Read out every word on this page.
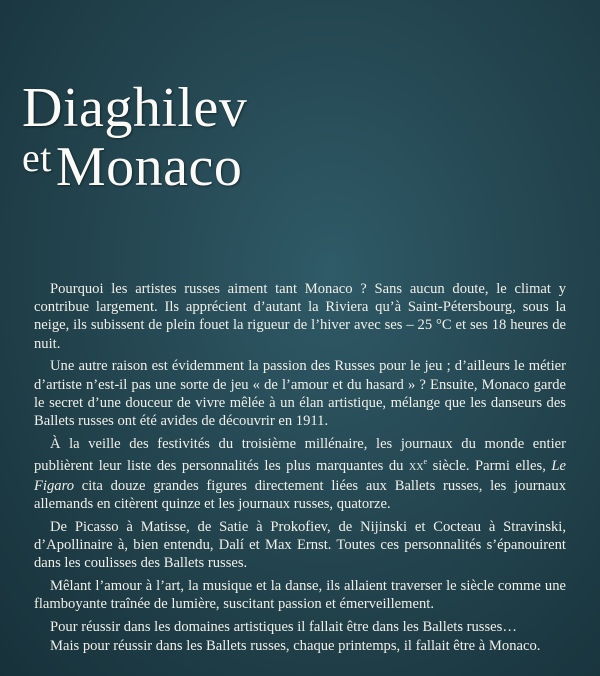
Diaghilev
etMonaco

Pourquoi les artistes russes aiment tant Monaco ? Sans aucun doute, le climat y contribue largement. Ils apprécient d’autant la Riviera qu’à Saint-Pétersbourg, sous la neige, ils subissent de plein fouet la rigueur de l’hiver avec ses – 25 °C et ses 18 heures de nuit.

Une autre raison est évidemment la passion des Russes pour le jeu ; d’ailleurs le métier d’artiste n’est-il pas une sorte de jeu « de l’amour et du hasard » ? Ensuite, Monaco garde le secret d’une douceur de vivre mêlée à un élan artistique, mélange que les danseurs des Ballets russes ont été avides de découvrir en 1911.

À la veille des festivités du troisième millénaire, les journaux du monde entier publièrent leur liste des personnalités les plus marquantes du XXe siècle. Parmi elles, Le Figaro cita douze grandes figures directement liées aux Ballets russes, les journaux allemands en citèrent quinze et les journaux russes, quatorze.

De Picasso à Matisse, de Satie à Prokofiev, de Nijinski et Cocteau à Stravinski, d’Apollinaire à, bien entendu, Dalí et Max Ernst. Toutes ces personnalités s’épanouirent dans les coulisses des Ballets russes.

Mêlant l’amour à l’art, la musique et la danse, ils allaient traverser le siècle comme une flamboyante traînée de lumière, suscitant passion et émerveillement.

Pour réussir dans les domaines artistiques il fallait être dans les Ballets russes…

Mais pour réussir dans les Ballets russes, chaque printemps, il fallait être à Monaco.
